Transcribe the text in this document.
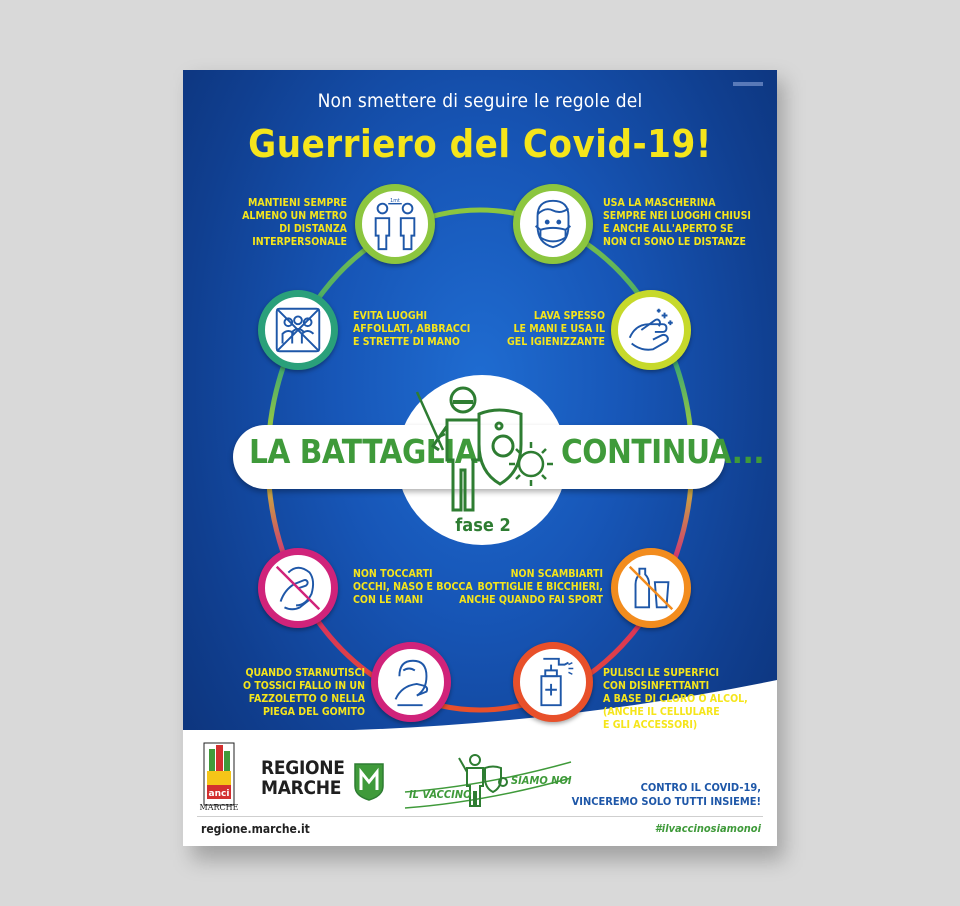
Non smettere di seguire le regole del
Guerriero del Covid-19!
MANTIENI SEMPRE
ALMENO UN METRO
DI DISTANZA
INTERPERSONALE
1mt	USA LA MASCHERINA
SEMPRE NEI LUOGHI CHIUSI
E ANCHE ALL'APERTO SE
NON CI SONO LE DISTANZE
EVITA LUOGHI
AFFOLLATI, ABBRACCI
E STRETTE DI MANO
LAVA SPESSO
LE MANI E USA IL
GEL IGIENIZZANTE
LA BATTAGLIA	CONTINUA...
fase 2
NON TOCCARTI
OCCHI, NASO E BOCCA
CON LE MANI
NON SCAMBIARTI
BOTTIGLIE E BICCHIERI,
ANCHE QUANDO FAI SPORT
QUANDO STARNUTISCI
O TOSSICI FALLO IN UN
FAZZOLETTO O NELLA
PIEGA DEL GOMITO
PULISCI LE SUPERFICI
CON DISINFETTANTI
A BASE DI CLORO O ALCOL,
(ANCHE IL CELLULARE
E GLI ACCESSORI)
anci
MARCHE
REGIONE
MARCHE	IL VACCINO
SIAMO NOI
CONTRO IL COVID-19,
VINCEREMO SOLO TUTTI INSIEME!
regione.marche.it	#ilvaccinosiamonoi
